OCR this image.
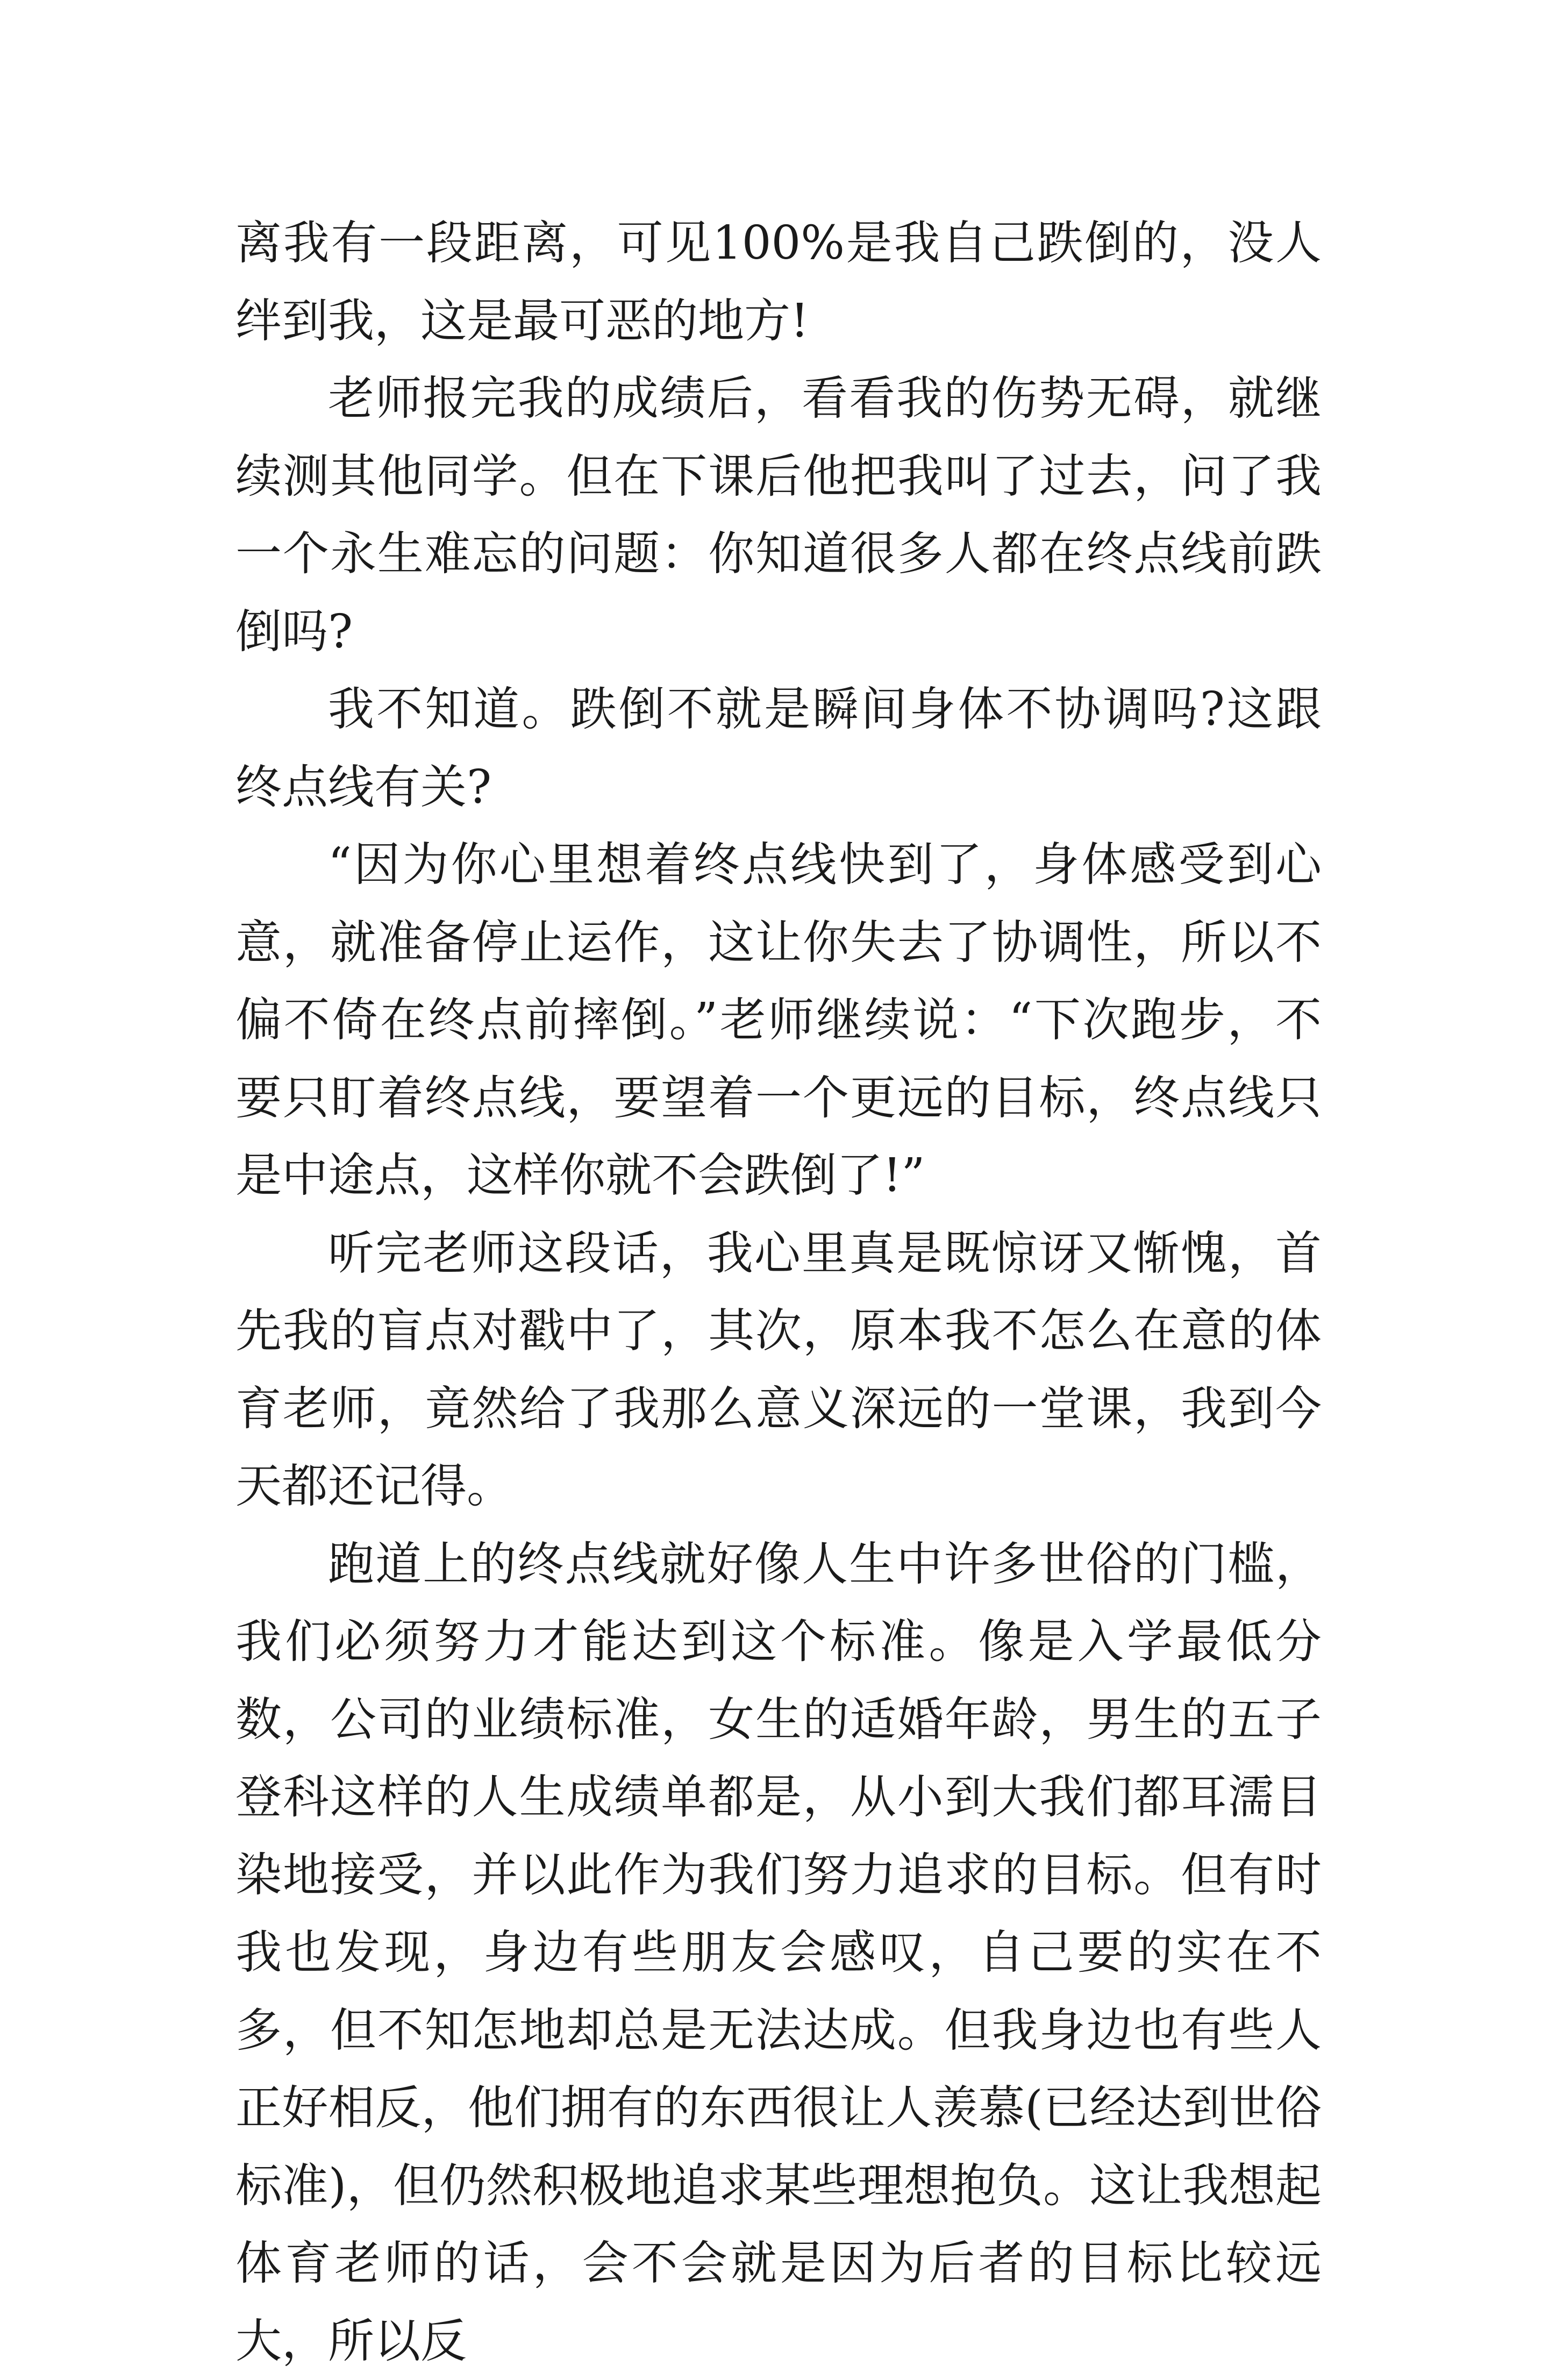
离我有一段距离，可见100%是我自己跌倒的，没人绊到我，这是最可恶的地方!

老师报完我的成绩后，看看我的伤势无碍，就继续测其他同学。但在下课后他把我叫了过去，问了我一个永生难忘的问题：你知道很多人都在终点线前跌倒吗?

我不知道。跌倒不就是瞬间身体不协调吗?这跟终点线有关?

“因为你心里想着终点线快到了，身体感受到心意，就准备停止运作，这让你失去了协调性，所以不偏不倚在终点前摔倒。”老师继续说：“下次跑步，不要只盯着终点线，要望着一个更远的目标，终点线只是中途点，这样你就不会跌倒了!”

听完老师这段话，我心里真是既惊讶又惭愧，首先我的盲点对戳中了，其次，原本我不怎么在意的体育老师，竟然给了我那么意义深远的一堂课，我到今天都还记得。

跑道上的终点线就好像人生中许多世俗的门槛，我们必须努力才能达到这个标准。像是入学最低分数，公司的业绩标准，女生的适婚年龄，男生的五子登科这样的人生成绩单都是，从小到大我们都耳濡目染地接受，并以此作为我们努力追求的目标。但有时我也发现，身边有些朋友会感叹，自己要的实在不多，但不知怎地却总是无法达成。但我身边也有些人正好相反，他们拥有的东西很让人羡慕(已经达到世俗标准)，但仍然积极地追求某些理想抱负。这让我想起体育老师的话，会不会就是因为后者的目标比较远大，所以反
